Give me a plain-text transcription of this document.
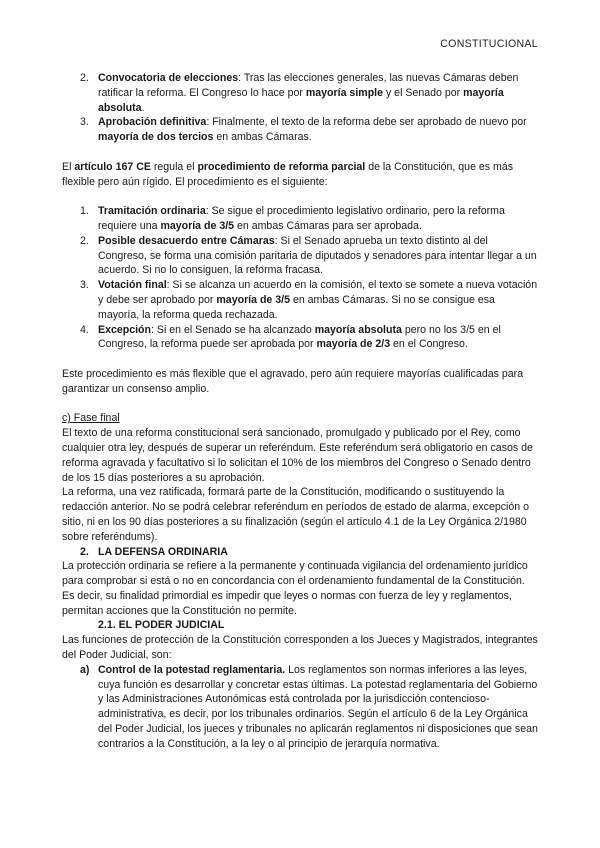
CONSTITUCIONAL
2. Convocatoria de elecciones: Tras las elecciones generales, las nuevas Cámaras deben ratificar la reforma. El Congreso lo hace por mayoría simple y el Senado por mayoría absoluta.
3. Aprobación definitiva: Finalmente, el texto de la reforma debe ser aprobado de nuevo por mayoría de dos tercios en ambas Cámaras.

El artículo 167 CE regula el procedimiento de reforma parcial de la Constitución, que es más flexible pero aún rígido. El procedimiento es el siguiente:

1. Tramitación ordinaria: Se sigue el procedimiento legislativo ordinario, pero la reforma requiere una mayoría de 3/5 en ambas Cámaras para ser aprobada.
2. Posible desacuerdo entre Cámaras: Si el Senado aprueba un texto distinto al del Congreso, se forma una comisión paritaria de diputados y senadores para intentar llegar a un acuerdo. Si no lo consiguen, la reforma fracasa.
3. Votación final: Si se alcanza un acuerdo en la comisión, el texto se somete a nueva votación y debe ser aprobado por mayoría de 3/5 en ambas Cámaras. Si no se consigue esa mayoría, la reforma queda rechazada.
4. Excepción: Si en el Senado se ha alcanzado mayoría absoluta pero no los 3/5 en el Congreso, la reforma puede ser aprobada por mayoría de 2/3 en el Congreso.

Este procedimiento es más flexible que el agravado, pero aún requiere mayorías cualificadas para garantizar un consenso amplio.

c) Fase final

El texto de una reforma constitucional será sancionado, promulgado y publicado por el Rey, como cualquier otra ley, después de superar un referéndum. Este referéndum será obligatorio en casos de reforma agravada y facultativo si lo solicitan el 10% de los miembros del Congreso o Senado dentro de los 15 días posteriores a su aprobación.

La reforma, una vez ratificada, formará parte de la Constitución, modificando o sustituyendo la redacción anterior. No se podrá celebrar referéndum en períodos de estado de alarma, excepción o sitio, ni en los 90 días posteriores a su finalización (según el artículo 4.1 de la Ley Orgánica 2/1980 sobre referéndums).

2. LA DEFENSA ORDINARIA

La protección ordinaria se refiere a la permanente y continuada vigilancia del ordenamiento jurídico para comprobar si está o no en concordancia con el ordenamiento fundamental de la Constitución. Es decir, su finalidad primordial es impedir que leyes o normas con fuerza de ley y reglamentos, permitan acciones que la Constitución no permite.

2.1. EL PODER JUDICIAL

Las funciones de protección de la Constitución corresponden a los Jueces y Magistrados, integrantes del Poder Judicial, son:

a) Control de la potestad reglamentaria. Los reglamentos son normas inferiores a las leyes, cuya función es desarrollar y concretar estas últimas. La potestad reglamentaria del Gobierno y las Administraciones Autonómicas está controlada por la jurisdicción contencioso-administrativa, es decir, por los tribunales ordinarios. Según el artículo 6 de la Ley Orgánica del Poder Judicial, los jueces y tribunales no aplicarán reglamentos ni disposiciones que sean contrarios a la Constitución, a la ley o al principio de jerarquía normativa.
